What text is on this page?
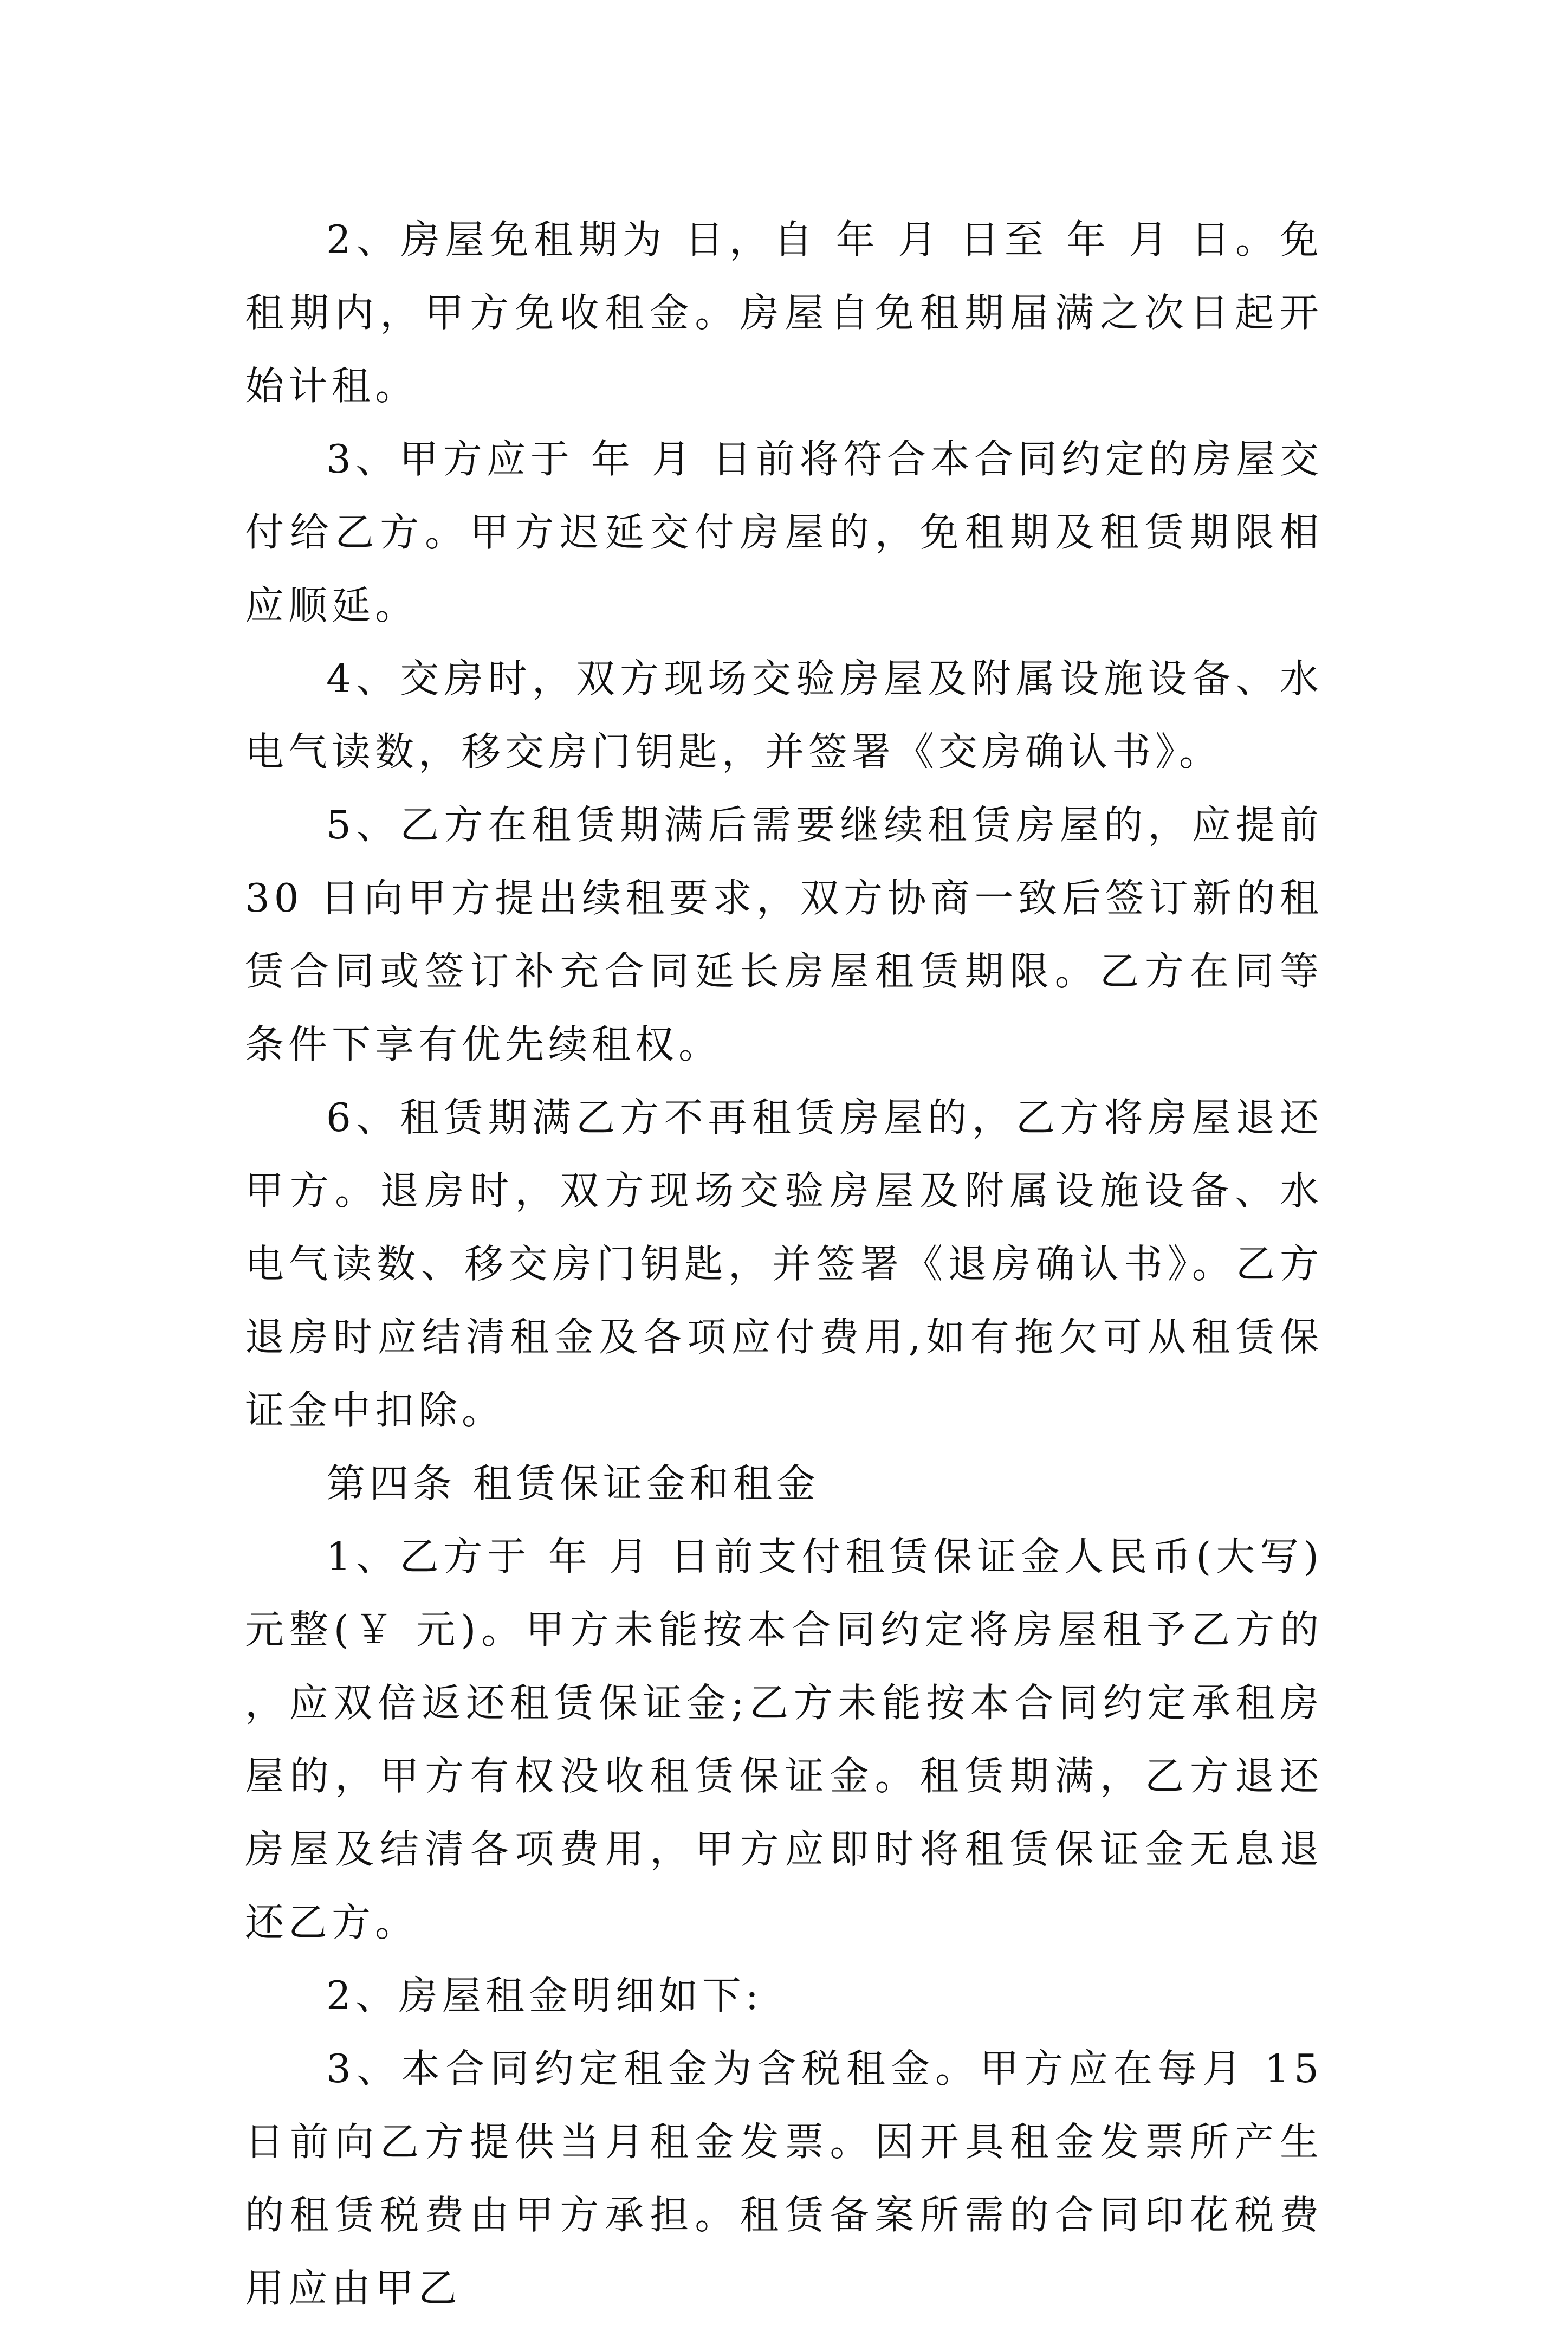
2、房屋免租期为 日，自 年 月 日至 年 月 日。免租期内，甲方免收租金。房屋自免租期届满之次日起开始计租。

3、甲方应于 年 月 日前将符合本合同约定的房屋交付给乙方。甲方迟延交付房屋的，免租期及租赁期限相应顺延。

4、交房时，双方现场交验房屋及附属设施设备、水电气读数，移交房门钥匙，并签署《交房确认书》。

5、乙方在租赁期满后需要继续租赁房屋的，应提前 30 日向甲方提出续租要求，双方协商一致后签订新的租赁合同或签订补充合同延长房屋租赁期限。乙方在同等条件下享有优先续租权。

6、租赁期满乙方不再租赁房屋的，乙方将房屋退还甲方。退房时，双方现场交验房屋及附属设施设备、水电气读数、移交房门钥匙，并签署《退房确认书》。乙方退房时应结清租金及各项应付费用,如有拖欠可从租赁保证金中扣除。

第四条 租赁保证金和租金

1、乙方于 年 月 日前支付租赁保证金人民币(大写) 元整(￥ 元)。甲方未能按本合同约定将房屋租予乙方的 ，应双倍返还租赁保证金;乙方未能按本合同约定承租房屋的，甲方有权没收租赁保证金。租赁期满，乙方退还房屋及结清各项费用，甲方应即时将租赁保证金无息退还乙方。

2、房屋租金明细如下:

3、本合同约定租金为含税租金。甲方应在每月 15 日前向乙方提供当月租金发票。因开具租金发票所产生的租赁税费由甲方承担。租赁备案所需的合同印花税费用应由甲乙
